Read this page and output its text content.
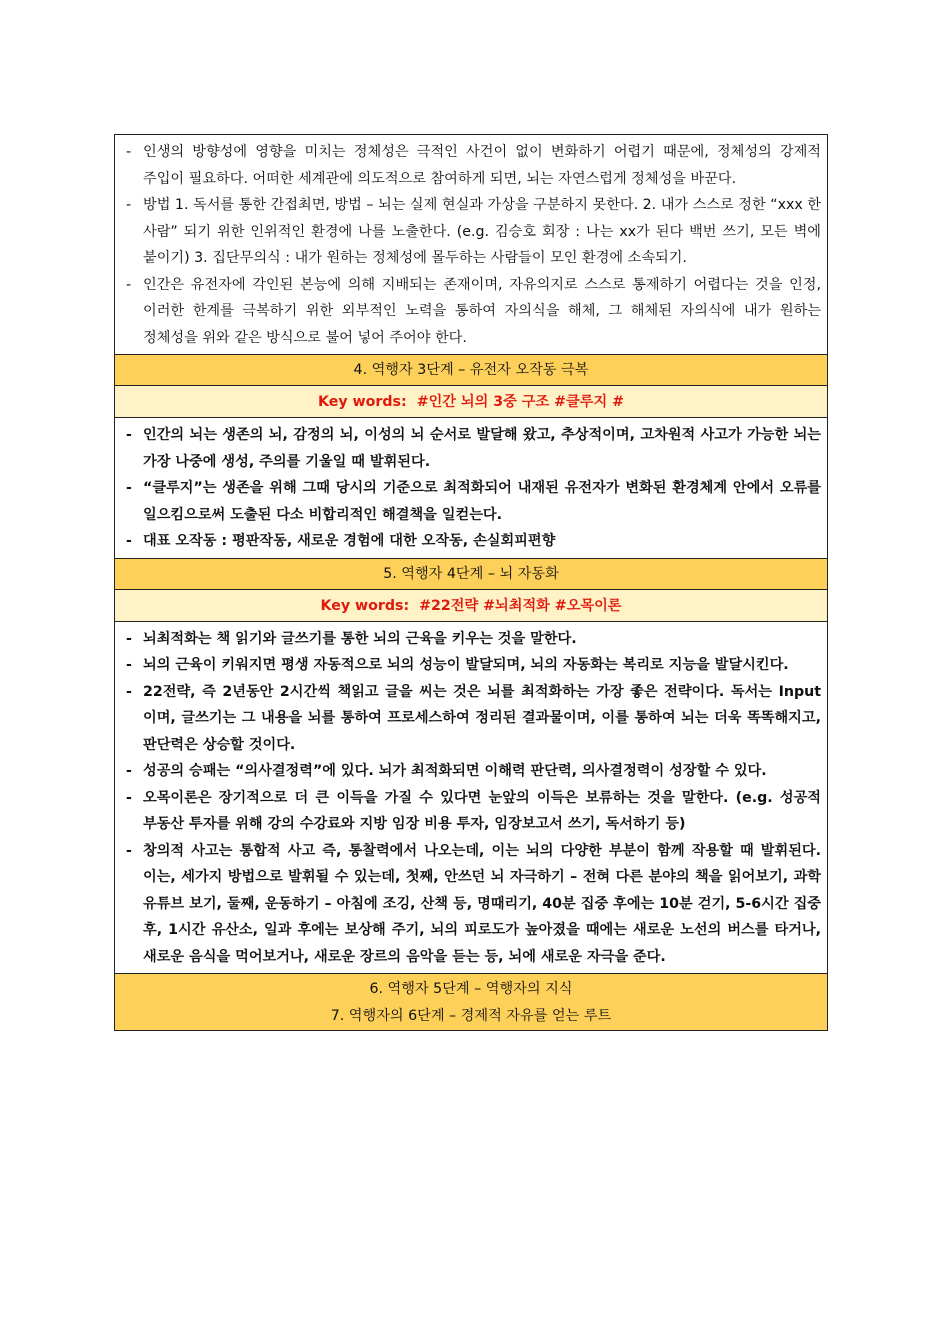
- 인생의 방향성에 영향을 미치는 정체성은 극적인 사건이 없이 변화하기 어렵기 때문에, 정체성의 강제적 주입이 필요하다. 어떠한 세계관에 의도적으로 참여하게 되면, 뇌는 자연스럽게 정체성을 바꾼다.
- 방법 1. 독서를 통한 간접최면, 방법 – 뇌는 실제 현실과 가상을 구분하지 못한다. 2. 내가 스스로 정한 “xxx 한 사람” 되기 위한 인위적인 환경에 나를 노출한다. (e.g. 김승호 회장 : 나는 xx가 된다 백번 쓰기, 모든 벽에 붙이기) 3. 집단무의식 : 내가 원하는 정체성에 몰두하는 사람들이 모인 환경에 소속되기.
- 인간은 유전자에 각인된 본능에 의해 지배되는 존재이며, 자유의지로 스스로 통제하기 어렵다는 것을 인정, 이러한 한계를 극복하기 위한 외부적인 노력을 통하여 자의식을 해체, 그 해체된 자의식에 내가 원하는 정체성을 위와 같은 방식으로 불어 넣어 주어야 한다.
4. 역행자 3단계 – 유전자 오작동 극복
Key words: #인간 뇌의 3중 구조 #클루지 #
- 인간의 뇌는 생존의 뇌, 감정의 뇌, 이성의 뇌 순서로 발달해 왔고, 추상적이며, 고차원적 사고가 가능한 뇌는 가장 나중에 생성, 주의를 기울일 때 발휘된다.
- “클루지”는 생존을 위해 그때 당시의 기준으로 최적화되어 내재된 유전자가 변화된 환경체계 안에서 오류를 일으킴으로써 도출된 다소 비합리적인 해결책을 일컫는다.
- 대표 오작동 : 평판작동, 새로운 경험에 대한 오작동, 손실회피편향
5. 역행자 4단계 – 뇌 자동화
Key words: #22전략 #뇌최적화 #오목이론
- 뇌최적화는 책 읽기와 글쓰기를 통한 뇌의 근육을 키우는 것을 말한다.
- 뇌의 근육이 키워지면 평생 자동적으로 뇌의 성능이 발달되며, 뇌의 자동화는 복리로 지능을 발달시킨다.
- 22전략, 즉 2년동안 2시간씩 책읽고 글을 씨는 것은 뇌를 최적화하는 가장 좋은 전략이다. 독서는 Input 이며, 글쓰기는 그 내용을 뇌를 통하여 프로세스하여 정리된 결과물이며, 이를 통하여 뇌는 더욱 똑똑해지고, 판단력은 상승할 것이다.
- 성공의 승패는 “의사결정력”에 있다. 뇌가 최적화되면 이해력 판단력, 의사결정력이 성장할 수 있다.
- 오목이론은 장기적으로 더 큰 이득을 가질 수 있다면 눈앞의 이득은 보류하는 것을 말한다. (e.g. 성공적 부동산 투자를 위해 강의 수강료와 지방 임장 비용 투자, 임장보고서 쓰기, 독서하기 등)
- 창의적 사고는 통합적 사고 즉, 통찰력에서 나오는데, 이는 뇌의 다양한 부분이 함께 작용할 때 발휘된다. 이는, 세가지 방법으로 발휘될 수 있는데, 첫째, 안쓰던 뇌 자극하기 – 전혀 다른 분야의 책을 읽어보기, 과학 유튜브 보기, 둘째, 운동하기 – 아침에 조깅, 산책 등, 명때리기, 40분 집중 후에는 10분 걷기, 5-6시간 집중 후, 1시간 유산소, 일과 후에는 보상해 주기, 뇌의 피로도가 높아졌을 때에는 새로운 노선의 버스를 타거나, 새로운 음식을 먹어보거나, 새로운 장르의 음악을 듣는 등, 뇌에 새로운 자극을 준다.
6. 역행자 5단계 – 역행자의 지식
7. 역행자의 6단계 – 경제적 자유를 얻는 루트
